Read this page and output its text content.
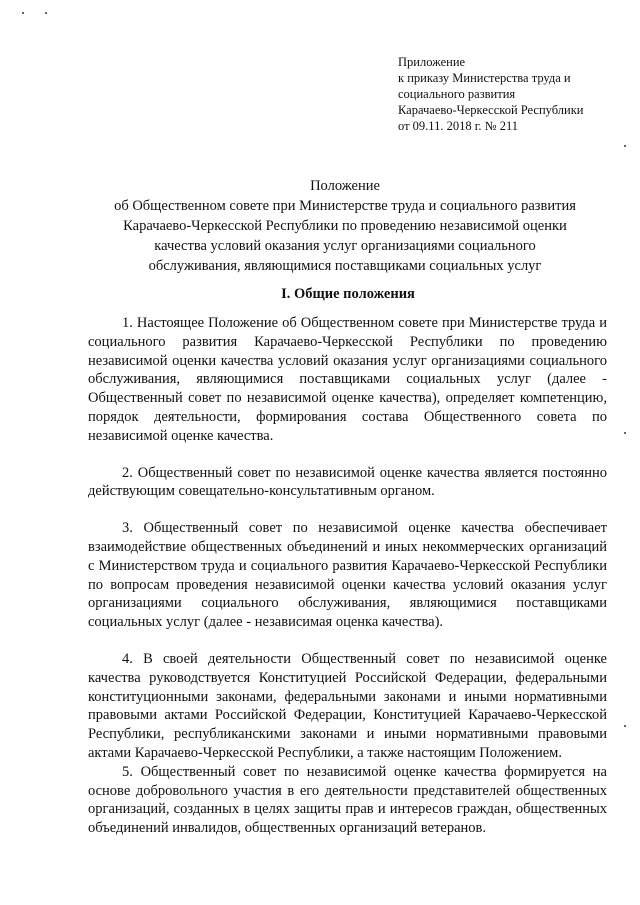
Приложение
к приказу Министерства труда и
социального развития
Карачаево-Черкесской Республики
от 09.11. 2018 г. № 211
Положение
об Общественном совете при Министерстве труда и социального развития
Карачаево-Черкесской Республики по проведению независимой оценки
качества условий оказания услуг организациями социального
обслуживания, являющимися поставщиками социальных услуг
I. Общие положения

1. Настоящее Положение об Общественном совете при Министерстве труда и социального развития Карачаево-Черкесской Республики по проведению независимой оценки качества условий оказания услуг организациями социального обслуживания, являющимися поставщиками социальных услуг (далее - Общественный совет по независимой оценке качества), определяет компетенцию, порядок деятельности, формирования состава Общественного совета по независимой оценке качества.

2. Общественный совет по независимой оценке качества является постоянно действующим совещательно-консультативным органом.

3. Общественный совет по независимой оценке качества обеспечивает взаимодействие общественных объединений и иных некоммерческих организаций с Министерством труда и социального развития Карачаево-Черкесской Республики по вопросам проведения независимой оценки качества условий оказания услуг организациями социального обслуживания, являющимися поставщиками социальных услуг (далее - независимая оценка качества).

4. В своей деятельности Общественный совет по независимой оценке качества руководствуется Конституцией Российской Федерации, федеральными конституционными законами, федеральными законами и иными нормативными правовыми актами Российской Федерации, Конституцией Карачаево-Черкесской Республики, республиканскими законами и иными нормативными правовыми актами Карачаево-Черкесской Республики, а также настоящим Положением.

5. Общественный совет по независимой оценке качества формируется на основе добровольного участия в его деятельности представителей общественных организаций, созданных в целях защиты прав и интересов граждан, общественных объединений инвалидов, общественных организаций ветеранов.
